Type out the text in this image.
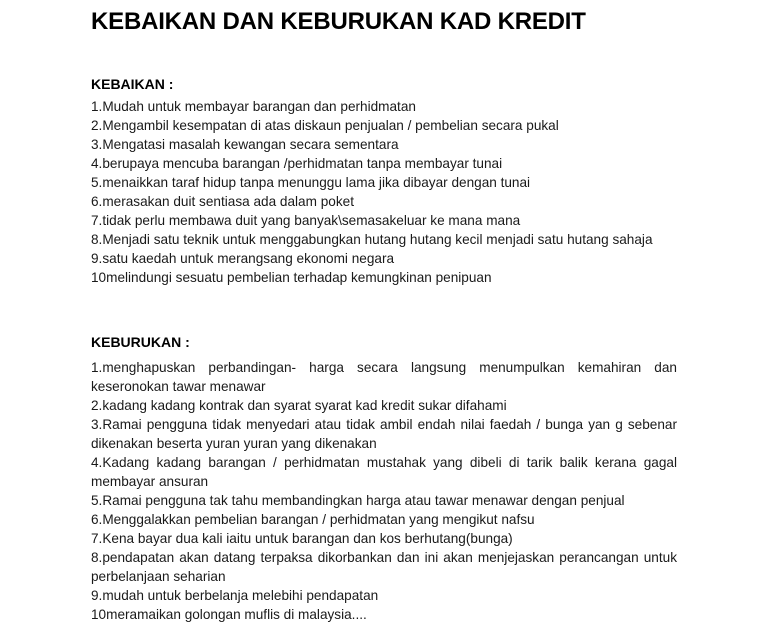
KEBAIKAN DAN KEBURUKAN KAD KREDIT
KEBAIKAN :
1.Mudah untuk membayar barangan dan perhidmatan
2.Mengambil kesempatan di atas diskaun penjualan / pembelian secara pukal
3.Mengatasi masalah kewangan secara sementara
4.berupaya mencuba barangan /perhidmatan tanpa membayar tunai
5.menaikkan taraf hidup tanpa menunggu lama jika dibayar dengan tunai
6.merasakan duit sentiasa ada dalam poket
7.tidak perlu membawa duit yang banyak\semasakeluar ke mana mana
8.Menjadi satu teknik untuk menggabungkan hutang hutang kecil menjadi satu hutang sahaja
9.satu kaedah untuk merangsang ekonomi negara
10melindungi sesuatu pembelian terhadap kemungkinan penipuan
KEBURUKAN :
1.menghapuskan perbandingan- harga secara langsung menumpulkan kemahiran dan keseronokan tawar menawar
2.kadang kadang kontrak dan syarat syarat kad kredit sukar difahami
3.Ramai pengguna tidak menyedari atau tidak ambil endah nilai faedah / bunga yan g sebenar dikenakan beserta yuran yuran yang dikenakan
4.Kadang kadang barangan / perhidmatan mustahak yang dibeli di tarik balik kerana gagal membayar ansuran
5.Ramai pengguna tak tahu membandingkan harga atau tawar menawar dengan penjual
6.Menggalakkan pembelian barangan / perhidmatan yang mengikut nafsu
7.Kena bayar dua kali iaitu untuk barangan dan kos berhutang(bunga)
8.pendapatan akan datang terpaksa dikorbankan dan ini akan menjejaskan perancangan untuk perbelanjaan seharian
9.mudah untuk berbelanja melebihi pendapatan
10meramaikan golongan muflis di malaysia....
